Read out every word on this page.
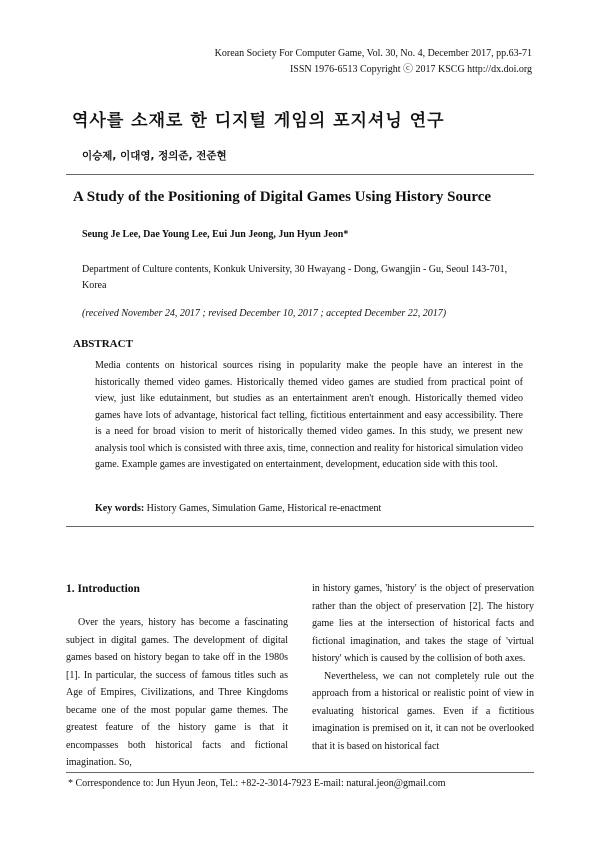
Korean Society For Computer Game, Vol. 30, No. 4, December 2017, pp.63-71
ISSN 1976-6513 Copyright ⓒ 2017 KSCG http://dx.doi.org
역사를 소재로 한 디지털 게임의 포지셔닝 연구
이승제, 이대영, 정의준, 전준현
A Study of the Positioning of Digital Games Using History Source
Seung Je Lee, Dae Young Lee, Eui Jun Jeong, Jun Hyun Jeon*
Department of Culture contents, Konkuk University, 30 Hwayang - Dong, Gwangjin - Gu, Seoul 143-701, Korea
(received November 24, 2017 ; revised December 10, 2017 ; accepted December 22, 2017)
ABSTRACT
Media contents on historical sources rising in popularity make the people have an interest in the historically themed video games. Historically themed video games are studied from practical point of view, just like edutainment, but studies as an entertainment aren't enough. Historically themed video games have lots of advantage, historical fact telling, fictitious entertainment and easy accessibility. There is a need for broad vision to merit of historically themed video games. In this study, we present new analysis tool which is consisted with three axis, time, connection and reality for historical simulation video game. Example games are investigated on entertainment, development, education side with this tool.
Key words: History Games, Simulation Game, Historical re-enactment
1. Introduction

Over the years, history has become a fascinating subject in digital games. The development of digital games based on history began to take off in the 1980s [1]. In particular, the success of famous titles such as Age of Empires, Civilizations, and Three Kingdoms became one of the most popular game themes. The greatest feature of the history game is that it encompasses both historical facts and fictional imagination. So,

in history games, 'history' is the object of preservation rather than the object of preservation [2]. The history game lies at the intersection of historical facts and fictional imagination, and takes the stage of 'virtual history' which is caused by the collision of both axes.

Nevertheless, we can not completely rule out the approach from a historical or realistic point of view in evaluating historical games. Even if a fictitious imagination is premised on it, it can not be overlooked that it is based on historical fact

* Correspondence to: Jun Hyun Jeon, Tel.: +82-2-3014-7923 E-mail: natural.jeon@gmail.com
